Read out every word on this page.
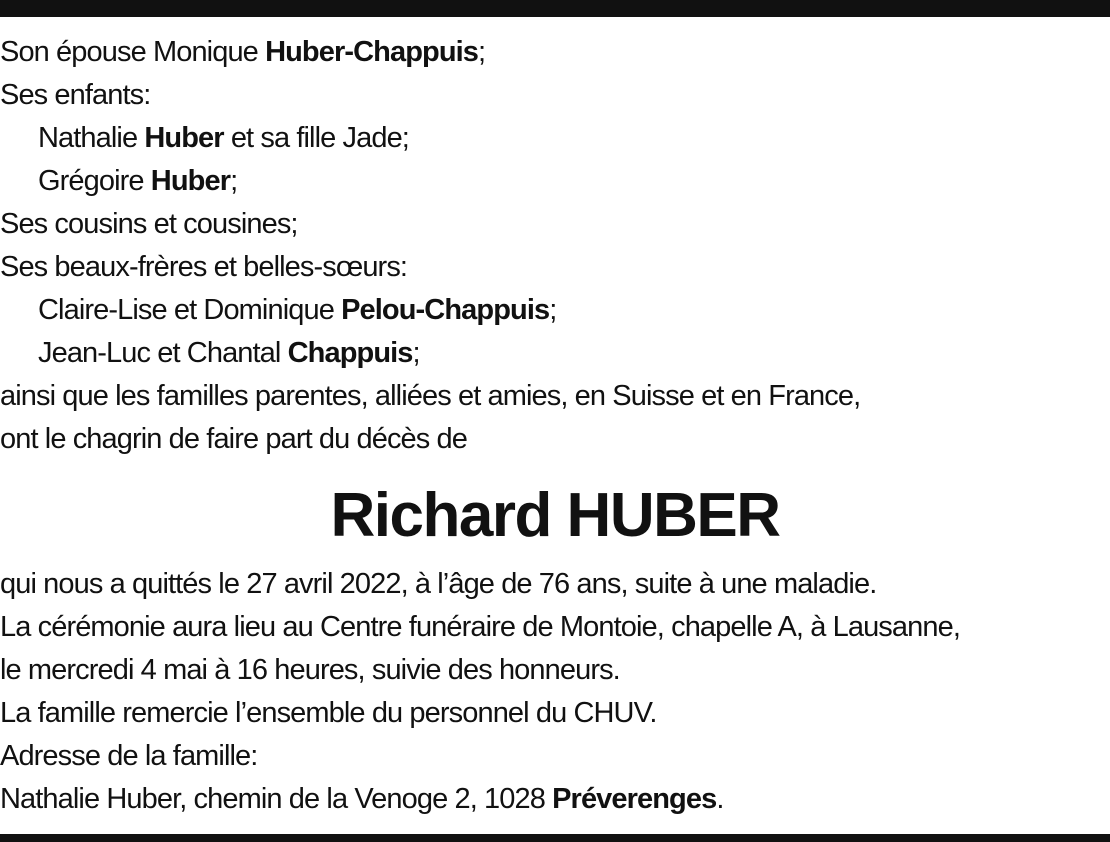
Son épouse Monique Huber-Chappuis;
Ses enfants:
Nathalie Huber et sa fille Jade;
Grégoire Huber;
Ses cousins et cousines;
Ses beaux-frères et belles-sœurs:
Claire-Lise et Dominique Pelou-Chappuis;
Jean-Luc et Chantal Chappuis;
ainsi que les familles parentes, alliées et amies, en Suisse et en France,
ont le chagrin de faire part du décès de
Richard HUBER
qui nous a quittés le 27 avril 2022, à l’âge de 76 ans, suite à une maladie.
La cérémonie aura lieu au Centre funéraire de Montoie, chapelle A, à Lausanne,
le mercredi 4 mai à 16 heures, suivie des honneurs.
La famille remercie l’ensemble du personnel du CHUV.
Adresse de la famille:
Nathalie Huber, chemin de la Venoge 2, 1028 Préverenges.
